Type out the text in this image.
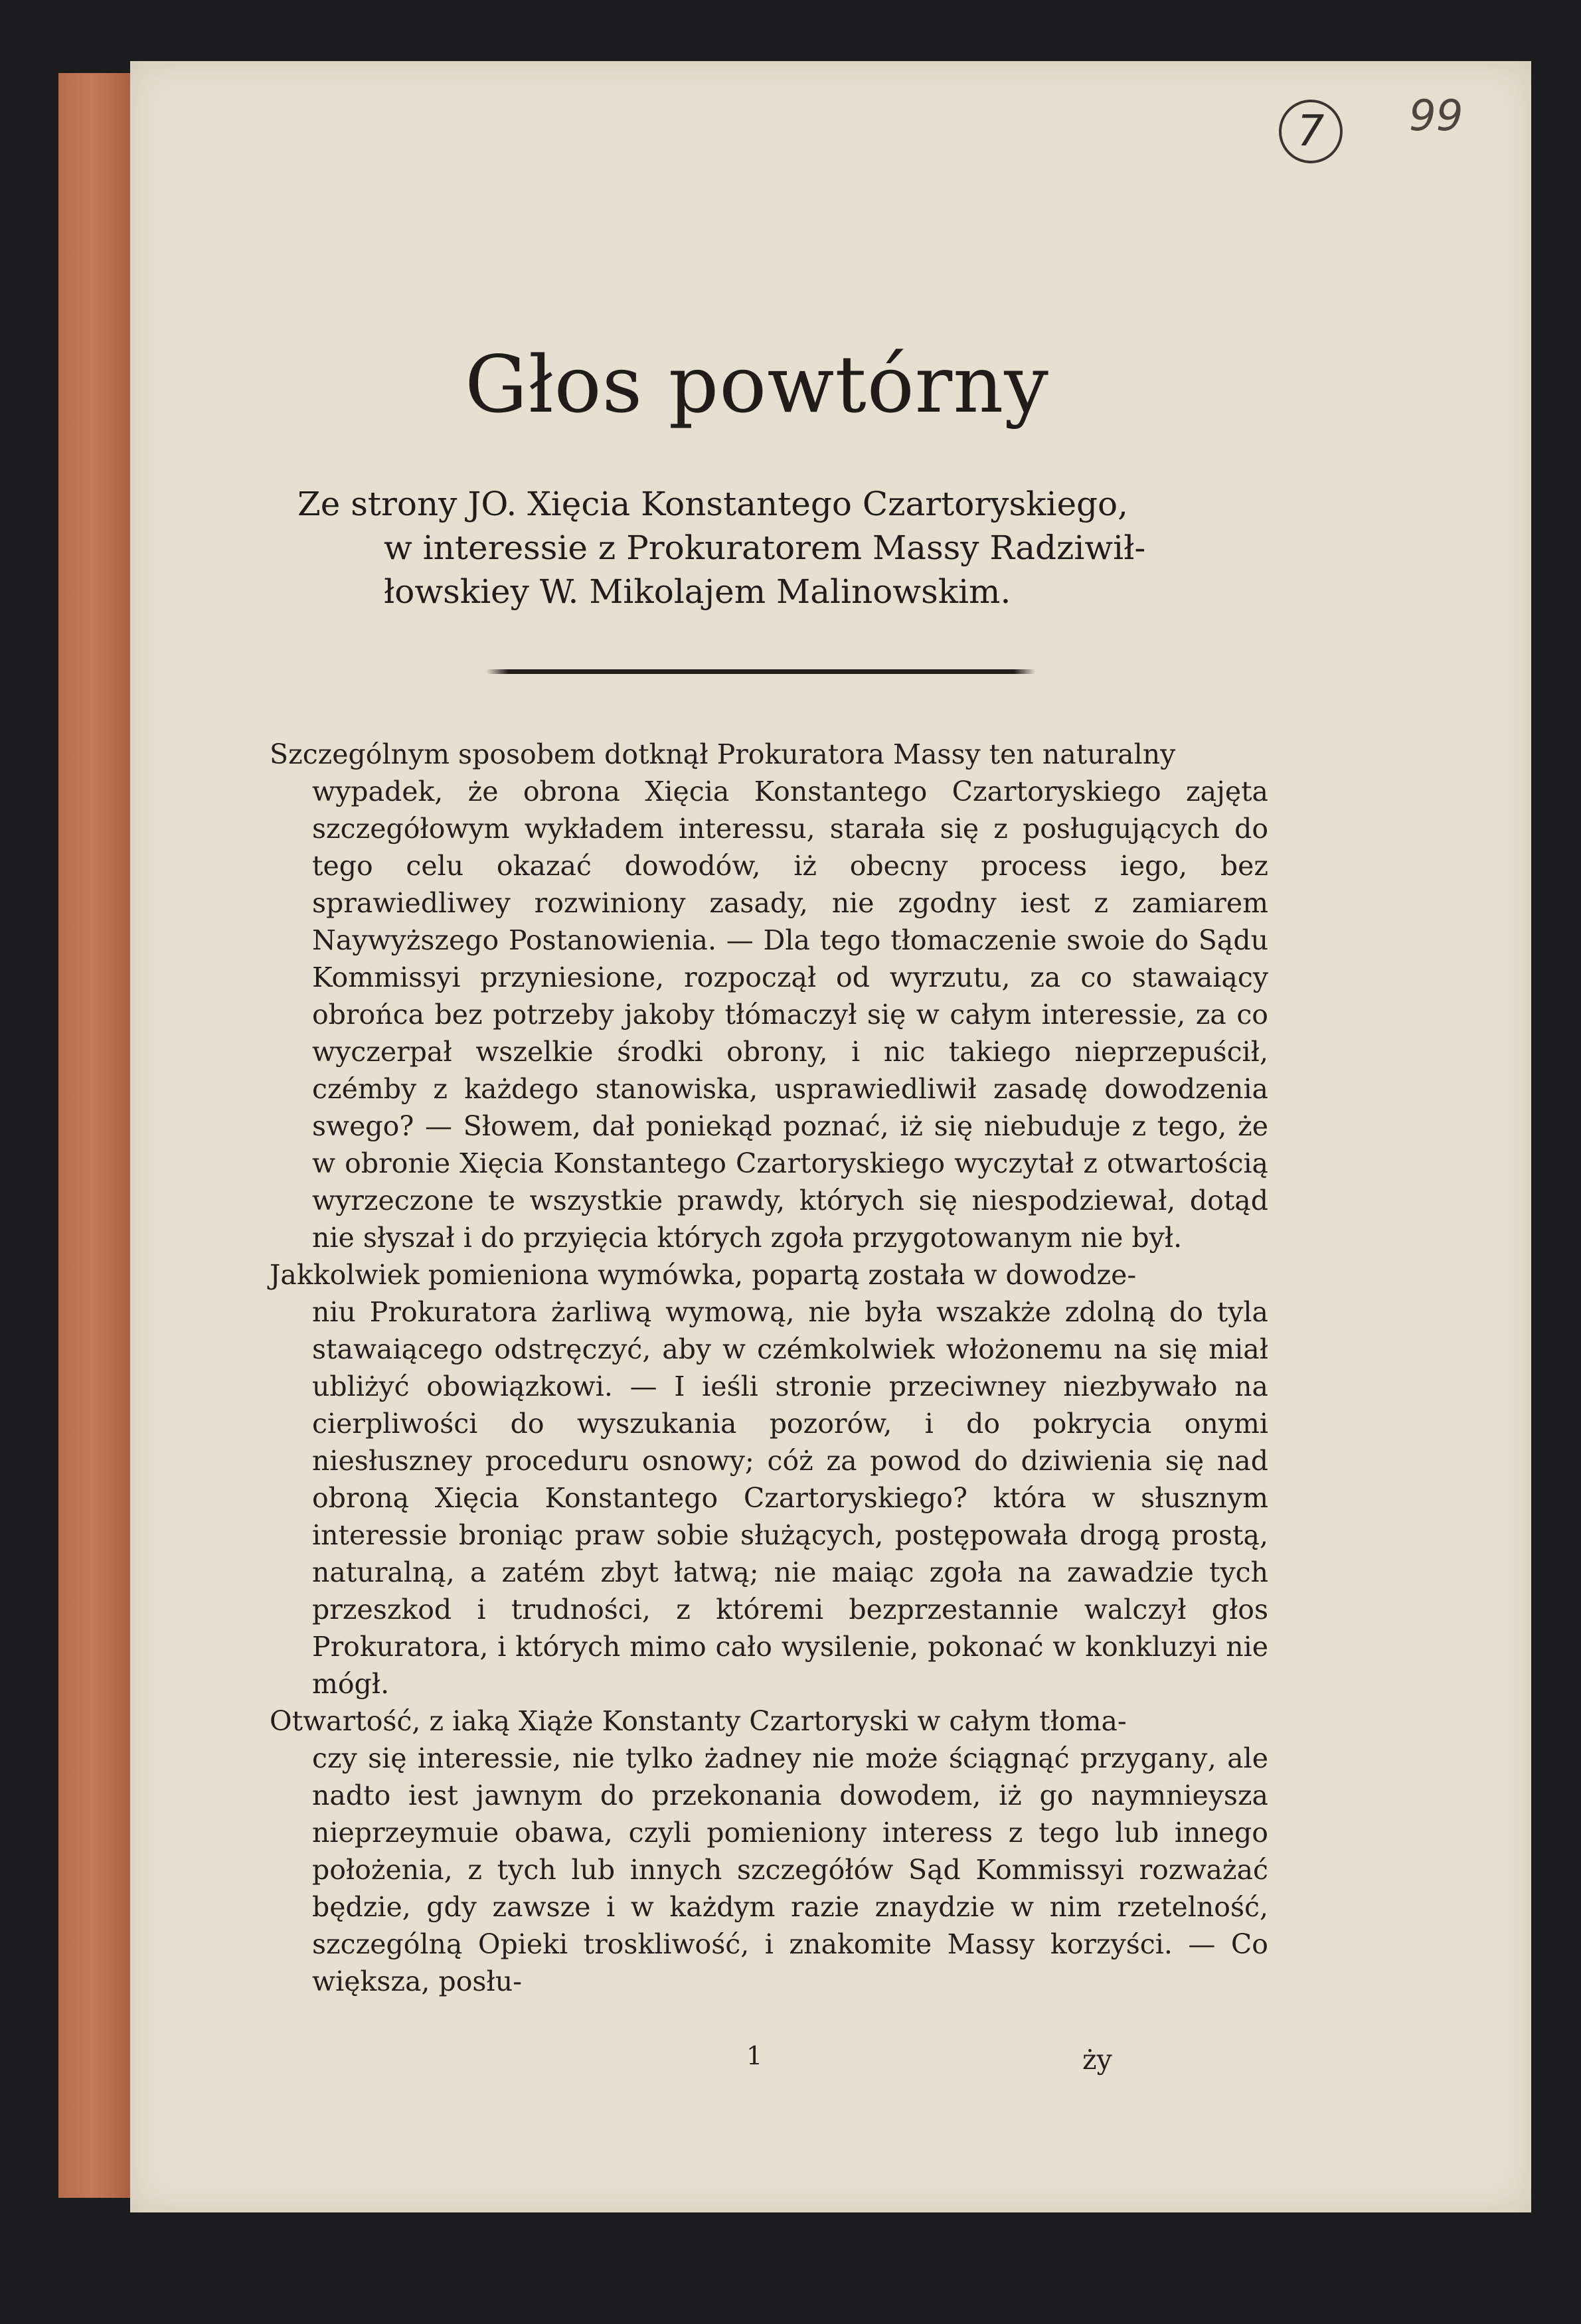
7	99
Głos powtórny
Ze strony JO. Xięcia Konstantego Czartoryskiego,
w interessie z Prokuratorem Massy Radziwił-
łowskiey W. Mikolajem Malinowskim.

Szczególnym sposobem dotknął Prokuratora Massy ten naturalny
wypadek, że obrona Xięcia Konstantego Czartoryskiego zajęta szczegółowym wykładem interessu, starała się z posługujących do tego celu okazać dowodów, iż obecny process iego, bez sprawiedliwey rozwiniony zasady, nie zgodny iest z zamiarem Naywyższego Postanowienia. — Dla tego tłomaczenie swoie do Sądu Kommissyi przyniesione, rozpoczął od wyrzutu, za co stawaiący obrońca bez potrzeby jakoby tłómaczył się w całym interessie, za co wyczerpał wszelkie środki obrony, i nic takiego nieprzepuścił, czémby z każdego stanowiska, usprawiedliwił zasadę dowodzenia swego? — Słowem, dał poniekąd poznać, iż się niebuduje z tego, że w obronie Xięcia Konstantego Czartoryskiego wyczytał z otwartością wyrzeczone te wszystkie prawdy, których się niespodziewał, dotąd nie słyszał i do przyięcia których zgoła przygotowanym nie był.

Jakkolwiek pomieniona wymówka, popartą została w dowodze-
niu Prokuratora żarliwą wymową, nie była wszakże zdolną do tyla stawaiącego odstręczyć, aby w czémkolwiek włożonemu na się miał ubliżyć obowiązkowi. — I ieśli stronie przeciwney niezbywało na cierpliwości do wyszukania pozorów, i do pokrycia onymi niesłuszney proceduru osnowy; cóż za powod do dziwienia się nad obroną Xięcia Konstantego Czartoryskiego? która w słusznym interessie broniąc praw sobie służących, postępowała drogą prostą, naturalną, a zatém zbyt łatwą; nie maiąc zgoła na zawadzie tych przeszkod i trudności, z któremi bezprzestannie walczył głos Prokuratora, i których mimo cało wysilenie, pokonać w konkluzyi nie mógł.

Otwartość, z iaką Xiąże Konstanty Czartoryski w całym tłoma-
czy się interessie, nie tylko żadney nie może ściągnąć przyganу, ale nadto iest jawnym do przekonania dowodem, iż go naymnieysza nieprzeymuie obawa, czyli pomieniony interess z tego lub innego położenia, z tych lub innych szczegółów Sąd Kommissyi rozważać będzie, gdy zawsze i w każdym razie znaydzie w nim rzetelność, szczególną Opieki troskliwość, i znakomite Massy korzyści. — Co większa, posłu-

1	ży
